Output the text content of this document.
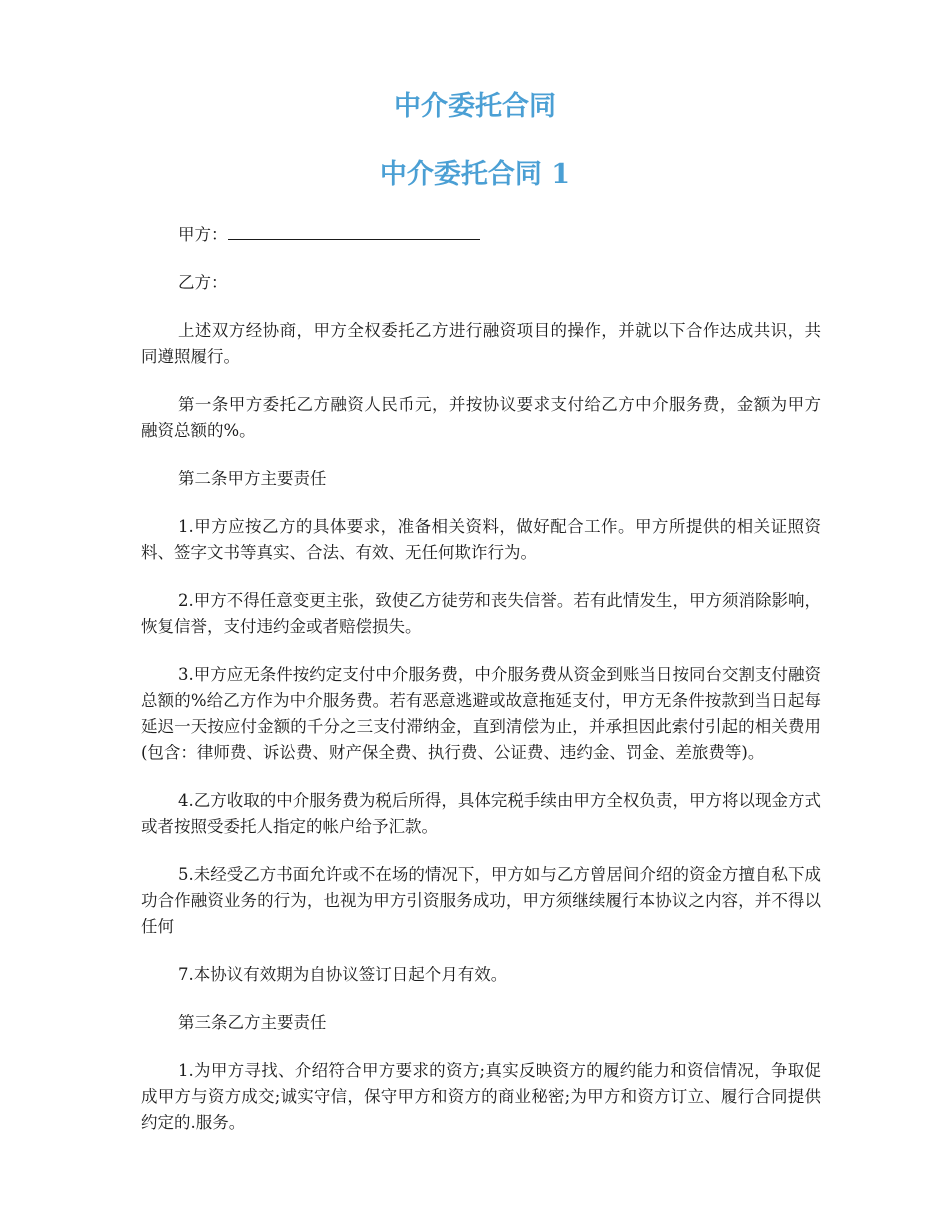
中介委托合同
中介委托合同 1

甲方：

乙方：

上述双方经协商，甲方全权委托乙方进行融资项目的操作，并就以下合作达成共识，共同遵照履行。

第一条甲方委托乙方融资人民币元，并按协议要求支付给乙方中介服务费，金额为甲方融资总额的%。

第二条甲方主要责任

1.甲方应按乙方的具体要求，准备相关资料，做好配合工作。甲方所提供的相关证照资料、签字文书等真实、合法、有效、无任何欺诈行为。

2.甲方不得任意变更主张，致使乙方徒劳和丧失信誉。若有此情发生，甲方须消除影响，恢复信誉，支付违约金或者赔偿损失。

3.甲方应无条件按约定支付中介服务费，中介服务费从资金到账当日按同台交割支付融资总额的%给乙方作为中介服务费。若有恶意逃避或故意拖延支付，甲方无条件按款到当日起每延迟一天按应付金额的千分之三支付滞纳金，直到清偿为止，并承担因此索付引起的相关费用(包含：律师费、诉讼费、财产保全费、执行费、公证费、违约金、罚金、差旅费等)。

4.乙方收取的中介服务费为税后所得，具体完税手续由甲方全权负责，甲方将以现金方式或者按照受委托人指定的帐户给予汇款。

5.未经受乙方书面允许或不在场的情况下，甲方如与乙方曾居间介绍的资金方擅自私下成功合作融资业务的行为，也视为甲方引资服务成功，甲方须继续履行本协议之内容，并不得以任何

7.本协议有效期为自协议签订日起个月有效。

第三条乙方主要责任

1.为甲方寻找、介绍符合甲方要求的资方;真实反映资方的履约能力和资信情况，争取促成甲方与资方成交;诚实守信，保守甲方和资方的商业秘密;为甲方和资方订立、履行合同提供约定的.服务。
